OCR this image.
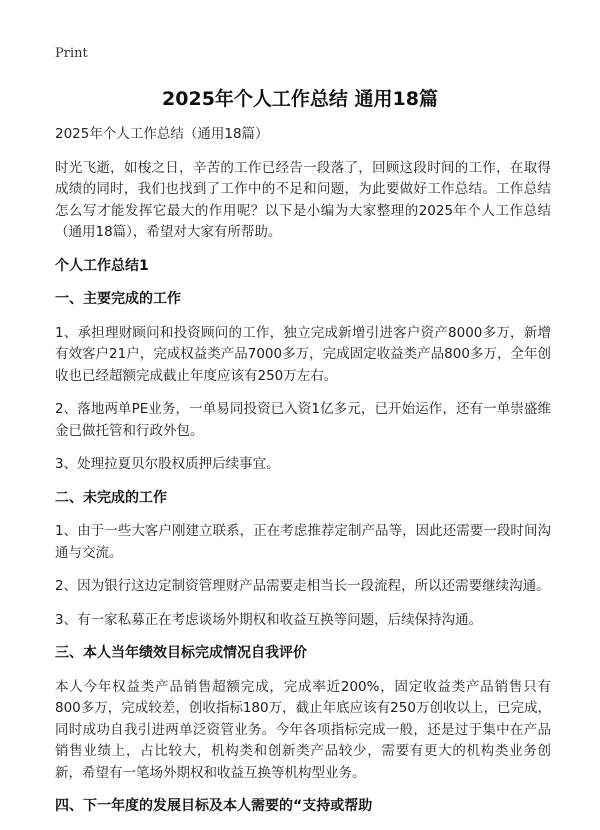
Print
2025年个人工作总结 通用18篇

2025年个人工作总结（通用18篇）

时光飞逝，如梭之日，辛苦的工作已经告一段落了，回顾这段时间的工作，在取得成绩的同时，我们也找到了工作中的不足和问题，为此要做好工作总结。工作总结怎么写才能发挥它最大的作用呢？以下是小编为大家整理的2025年个人工作总结（通用18篇），希望对大家有所帮助。

个人工作总结1
一、主要完成的工作

1、承担理财顾问和投资顾问的工作，独立完成新增引进客户资产8000多万，新增有效客户21户，完成权益类产品7000多万，完成固定收益类产品800多万，全年创收也已经超额完成截止年度应该有250万左右。

2、落地两单PE业务，一单易同投资已入资1亿多元，已开始运作，还有一单崇盛维金已做托管和行政外包。

3、处理拉夏贝尔股权质押后续事宜。

二、未完成的工作

1、由于一些大客户刚建立联系，正在考虑推荐定制产品等，因此还需要一段时间沟通与交流。

2、因为银行这边定制资管理财产品需要走相当长一段流程，所以还需要继续沟通。

3、有一家私募正在考虑谈场外期权和收益互换等问题，后续保持沟通。

三、本人当年绩效目标完成情况自我评价

本人今年权益类产品销售超额完成，完成率近200%，固定收益类产品销售只有800多万，完成较差，创收指标180万，截止年底应该有250万创收以上，已完成，同时成功自我引进两单泛资管业务。今年各项指标完成一般，还是过于集中在产品销售业绩上，占比较大，机构类和创新类产品较少，需要有更大的机构类业务创新，希望有一笔场外期权和收益互换等机构型业务。

四、下一年度的发展目标及本人需要的“支持或帮助
